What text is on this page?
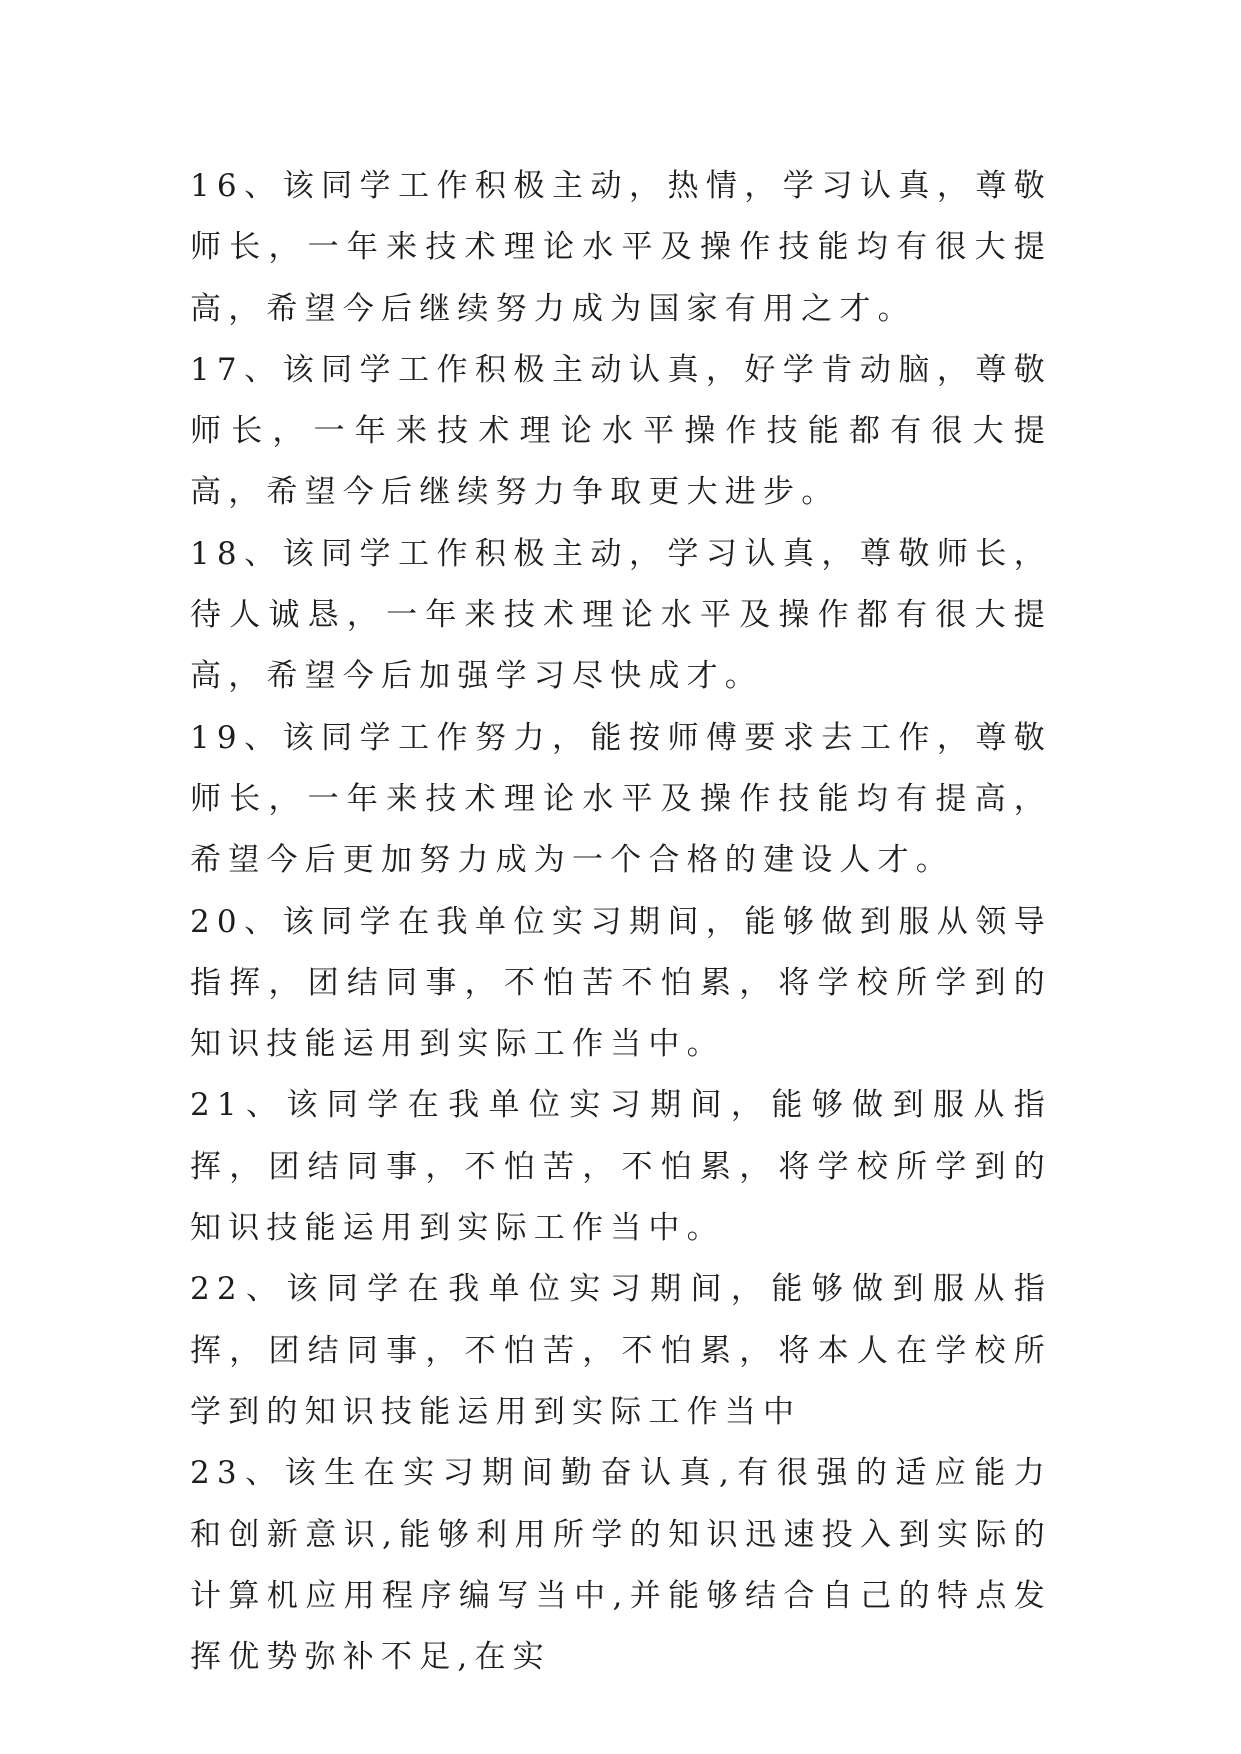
16、该同学工作积极主动，热情，学习认真，尊敬师长，一年来技术理论水平及操作技能均有很大提高，希望今后继续努力成为国家有用之才。

17、该同学工作积极主动认真，好学肯动脑，尊敬师长，一年来技术理论水平操作技能都有很大提高，希望今后继续努力争取更大进步。

18、该同学工作积极主动，学习认真，尊敬师长，待人诚恳，一年来技术理论水平及操作都有很大提高，希望今后加强学习尽快成才。

19、该同学工作努力，能按师傅要求去工作，尊敬师长，一年来技术理论水平及操作技能均有提高，希望今后更加努力成为一个合格的建设人才。

20、该同学在我单位实习期间，能够做到服从领导指挥，团结同事，不怕苦不怕累，将学校所学到的知识技能运用到实际工作当中。

21、该同学在我单位实习期间，能够做到服从指挥，团结同事，不怕苦，不怕累，将学校所学到的知识技能运用到实际工作当中。

22、该同学在我单位实习期间，能够做到服从指挥，团结同事，不怕苦，不怕累，将本人在学校所学到的知识技能运用到实际工作当中

23、该生在实习期间勤奋认真,有很强的适应能力和创新意识,能够利用所学的知识迅速投入到实际的计算机应用程序编写当中,并能够结合自己的特点发挥优势弥补不足,在实
